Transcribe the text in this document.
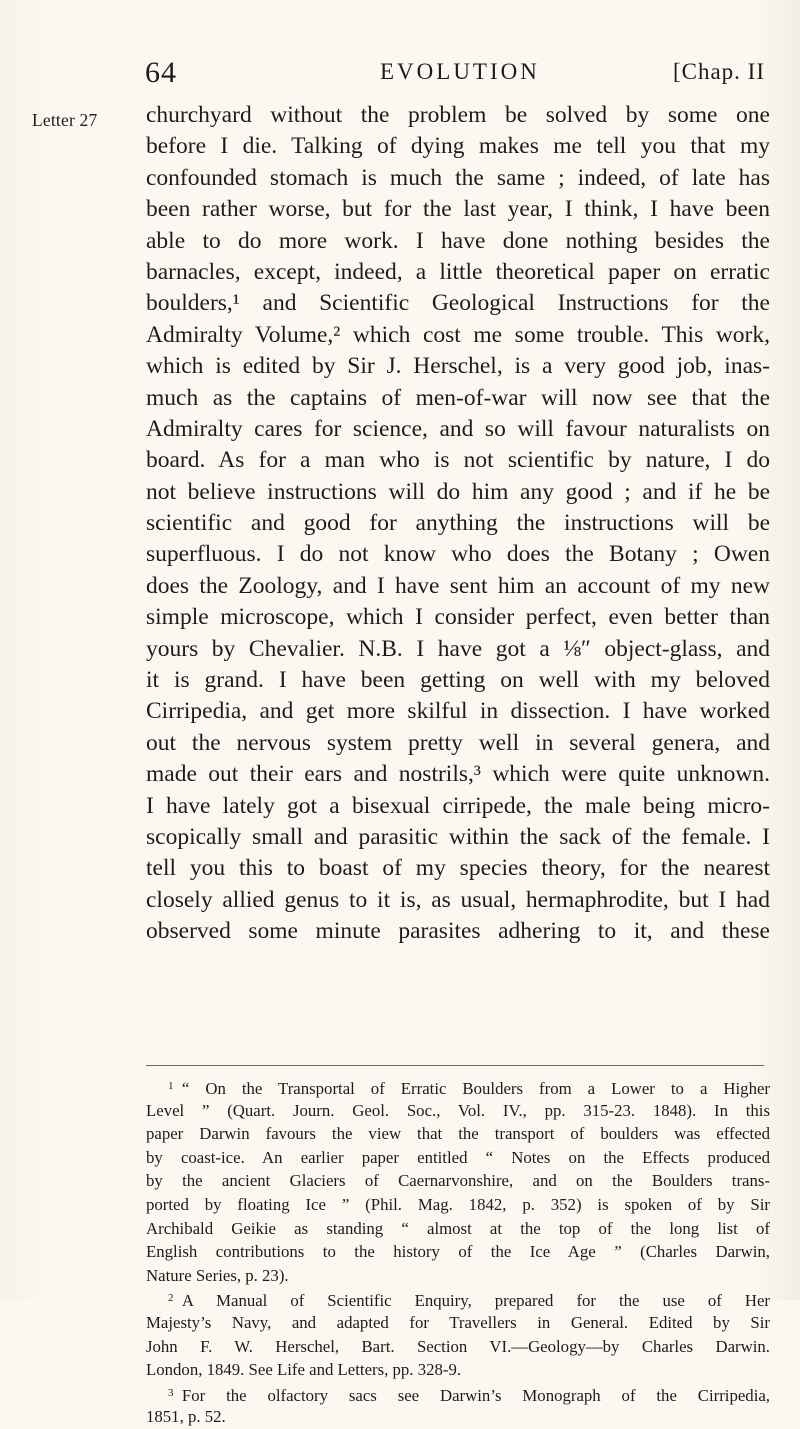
64	EVOLUTION	[Chap. II
Letter 27 churchyard without the problem be solved by some one
before I die. Talking of dying makes me tell you that my
confounded stomach is much the same ; indeed, of late has
been rather worse, but for the last year, I think, I have been
able to do more work. I have done nothing besides the
barnacles, except, indeed, a little theoretical paper on erratic
boulders,¹ and Scientific Geological Instructions for the
Admiralty Volume,² which cost me some trouble. This work,
which is edited by Sir J. Herschel, is a very good job, inas-
much as the captains of men-of-war will now see that the
Admiralty cares for science, and so will favour naturalists on
board. As for a man who is not scientific by nature, I do
not believe instructions will do him any good ; and if he be
scientific and good for anything the instructions will be
superfluous. I do not know who does the Botany ; Owen
does the Zoology, and I have sent him an account of my new
simple microscope, which I consider perfect, even better than
yours by Chevalier. N.B. I have got a ⅛″ object-glass, and
it is grand. I have been getting on well with my beloved
Cirripedia, and get more skilful in dissection. I have worked
out the nervous system pretty well in several genera, and
made out their ears and nostrils,³ which were quite unknown.
I have lately got a bisexual cirripede, the male being micro-
scopically small and parasitic within the sack of the female. I
tell you this to boast of my species theory, for the nearest
closely allied genus to it is, as usual, hermaphrodite, but I had
observed some minute parasites adhering to it, and these
$^1$  “ On the Transportal of Erratic Boulders from a Lower to a Higher
Level ” (Quart. Journ. Geol. Soc., Vol. IV., pp. 315-23. 1848). In this
paper Darwin favours the view that the transport of boulders was effected
by coast-ice. An earlier paper entitled “ Notes on the Effects produced
by the ancient Glaciers of Caernarvonshire, and on the Boulders trans-
ported by floating Ice ” (Phil. Mag. 1842, p. 352) is spoken of by Sir
Archibald Geikie as standing “ almost at the top of the long list of
English contributions to the history of the Ice Age ” (Charles Darwin,
Nature Series, p. 23).
$^2$  A Manual of Scientific Enquiry, prepared for the use of Her
Majesty’s Navy, and adapted for Travellers in General. Edited by Sir
John F. W. Herschel, Bart. Section VI.—Geology—by Charles Darwin.
London, 1849. See Life and Letters, pp. 328-9.
$^3$  For the olfactory sacs see Darwin’s Monograph of the Cirripedia,
1851, p. 52.
